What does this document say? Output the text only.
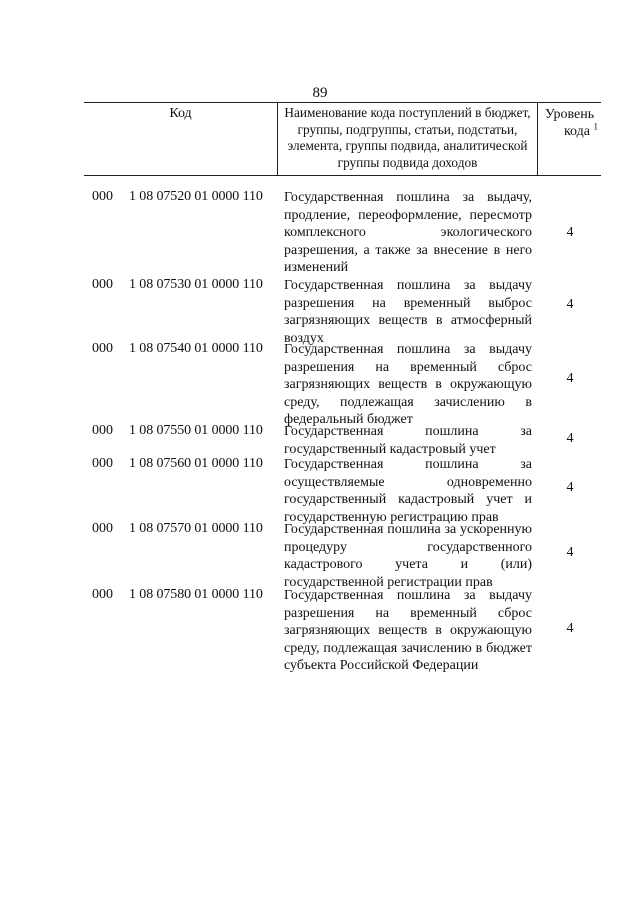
89
Код	Наименование кода поступлений в бюджет, группы, подгруппы, статьи, подстатьи, элемента, группы подвида, аналитической группы подвида доходов
Уровень
кода $^1$
000 1 08 07520 01 0000 110 Государственная пошлина за выдачу, продление, переоформление, пересмотр комплексного экологического разрешения, а также за внесение в него изменений
4
000 1 08 07530 01 0000 110 Государственная пошлина за выдачу разрешения на временный выброс загрязняющих веществ в атмосферный воздух
4
000 1 08 07540 01 0000 110 Государственная пошлина за выдачу разрешения на временный сброс загрязняющих веществ в окружающую среду, подлежащая зачислению в федеральный бюджет
4
000 1 08 07550 01 0000 110 Государственная пошлина за государственный кадастровый учет
4
000 1 08 07560 01 0000 110 Государственная пошлина за осуществляемые одновременно государственный кадастровый учет и государственную регистрацию прав
4
000 1 08 07570 01 0000 110 Государственная пошлина за ускоренную процедуру государственного кадастрового учета и (или) государственной регистрации прав
4
000 1 08 07580 01 0000 110 Государственная пошлина за выдачу разрешения на временный сброс загрязняющих веществ в окружающую среду, подлежащая зачислению в бюджет субъекта Российской Федерации
4
